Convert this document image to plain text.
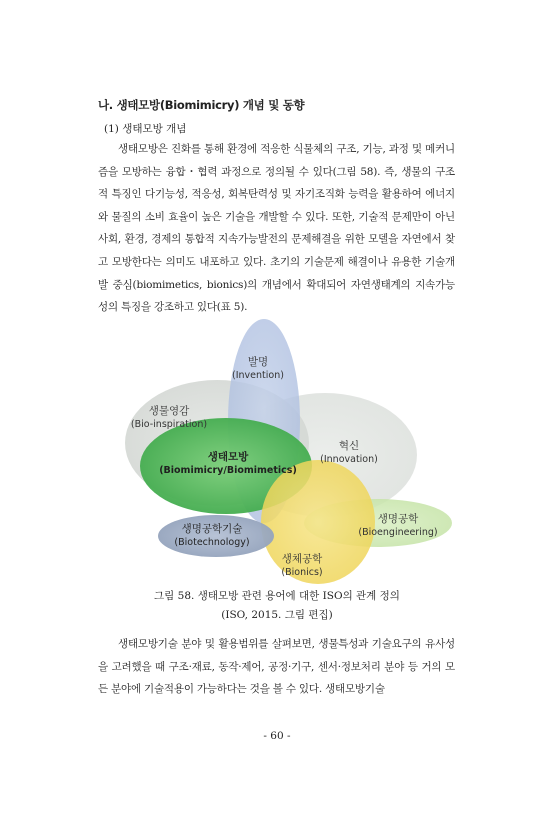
나. 생태모방(Biomimicry) 개념 및 동향
(1) 생태모방 개념
생태모방은 진화를 통해 환경에 적응한 식물체의 구조, 기능, 과정 및 메커니즘을 모방하는 융합・협력 과정으로 정의될 수 있다(그림 58). 즉, 생물의 구조적 특징인 다기능성, 적응성, 회복탄력성 및 자기조직화 능력을 활용하여 에너지와 물질의 소비 효율이 높은 기술을 개발할 수 있다. 또한, 기술적 문제만이 아닌 사회, 환경, 경제의 통합적 지속가능발전의 문제해결을 위한 모델을 자연에서 찾고 모방한다는 의미도 내포하고 있다. 초기의 기술문제 해결이나 유용한 기술개발 중심(biomimetics, bionics)의 개념에서 확대되어 자연생태계의 지속가능성의 특징을 강조하고 있다(표 5).
발명
(Invention)
생물영감
(Bio-inspiration)
생태모방
(Biomimicry/Biomimetics)
혁신
(Innovation)
생명공학기술
(Biotechnology)
생명공학
(Bioengineering)
생체공학
(Bionics)
그림 58. 생태모방 관련 용어에 대한 ISO의 관계 정의
(ISO, 2015. 그림 편집)
생태모방기술 분야 및 활용범위를 살펴보면, 생물특성과 기술요구의 유사성을 고려했을 때 구조·재료, 동작·제어, 공정·기구, 센서·정보처리 분야 등 거의 모든 분야에 기술적용이 가능하다는 것을 볼 수 있다. 생태모방기술
- 60 -
